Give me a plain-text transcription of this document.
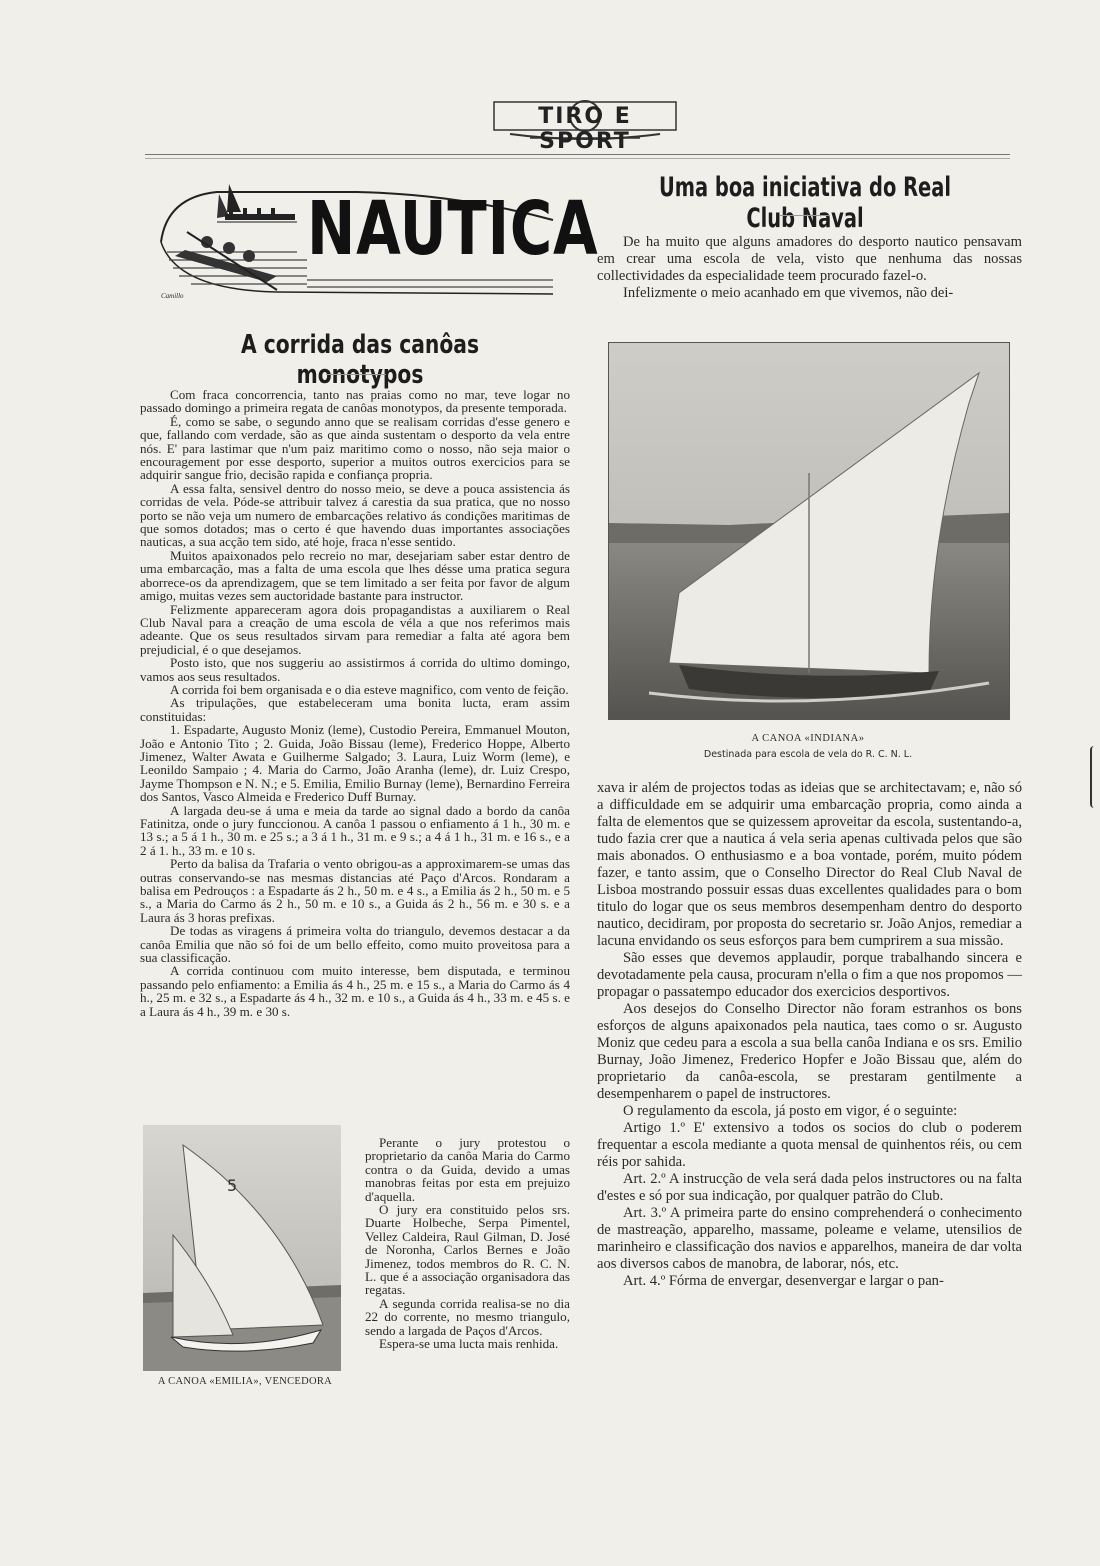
TIRO E SPORT
NAUTICA
Camillo
A corrida das canôas monotypos

Com fraca concorrencia, tanto nas praias como no mar, teve logar no passado domingo a primeira regata de canôas monotypos, da presente temporada.

É, como se sabe, o segundo anno que se realisam corridas d'esse genero e que, fallando com verdade, são as que ainda sustentam o desporto da vela entre nós. E' para lastimar que n'um paiz maritimo como o nosso, não seja maior o encouragement por esse desporto, superior a muitos outros exercicios para se adquirir sangue frio, decisão rapida e confiança propria.

A essa falta, sensivel dentro do nosso meio, se deve a pouca assistencia ás corridas de vela. Póde-se attribuir talvez á carestia da sua pratica, que no nosso porto se não veja um numero de embarcações relativo ás condições maritimas de que somos dotados; mas o certo é que havendo duas importantes associações nauticas, a sua acção tem sido, até hoje, fraca n'esse sentido.

Muitos apaixonados pelo recreio no mar, desejariam saber estar dentro de uma embarcação, mas a falta de uma escola que lhes désse uma pratica segura aborrece-os da aprendizagem, que se tem limitado a ser feita por favor de algum amigo, muitas vezes sem auctoridade bastante para instructor.

Felizmente appareceram agora dois propagandistas a auxiliarem o Real Club Naval para a creação de uma escola de véla a que nos referimos mais adeante. Que os seus resultados sirvam para remediar a falta até agora bem prejudicial, é o que desejamos.

Posto isto, que nos suggeriu ao assistirmos á corrida do ultimo domingo, vamos aos seus resultados.

A corrida foi bem organisada e o dia esteve magnifico, com vento de feição.

As tripulações, que estabeleceram uma bonita lucta, eram assim constituidas:

1. Espadarte, Augusto Moniz (leme), Custodio Pereira, Emmanuel Mouton, João e Antonio Tito ; 2. Guida, João Bissau (leme), Frederico Hoppe, Alberto Jimenez, Walter Awata e Guilherme Salgado; 3. Laura, Luiz Worm (leme), e Leonildo Sampaio ; 4. Maria do Carmo, João Aranha (leme), dr. Luiz Crespo, Jayme Thompson e N. N.; e 5. Emilia, Emilio Burnay (leme), Bernardino Ferreira dos Santos, Vasco Almeida e Frederico Duff Burnay.

A largada deu-se á uma e meia da tarde ao signal dado a bordo da canôa Fatinitza, onde o jury funccionou. A canôa 1 passou o enfiamento á 1 h., 30 m. e 13 s.; a 5 á 1 h., 30 m. e 25 s.; a 3 á 1 h., 31 m. e 9 s.; a 4 á 1 h., 31 m. e 16 s., e a 2 á 1. h., 33 m. e 10 s.

Perto da balisa da Trafaria o vento obrigou-as a approximarem-se umas das outras conservando-se nas mesmas distancias até Paço d'Arcos. Rondaram a balisa em Pedrouços : a Espadarte ás 2 h., 50 m. e 4 s., a Emilia ás 2 h., 50 m. e 5 s., a Maria do Carmo ás 2 h., 50 m. e 10 s., a Guida ás 2 h., 56 m. e 30 s. e a Laura ás 3 horas prefixas.

De todas as viragens á primeira volta do triangulo, devemos destacar a da canôa Emilia que não só foi de um bello effeito, como muito proveitosa para a sua classificação.

A corrida continuou com muito interesse, bem disputada, e terminou passando pelo enfiamento: a Emilia ás 4 h., 25 m. e 15 s., a Maria do Carmo ás 4 h., 25 m. e 32 s., a Espadarte ás 4 h., 32 m. e 10 s., a Guida ás 4 h., 33 m. e 45 s. e a Laura ás 4 h., 39 m. e 30 s.

5
A CANOA «EMILIA», VENCEDORA

Perante o jury protestou o proprietario da canôa Maria do Carmo contra o da Guida, devido a umas manobras feitas por esta em prejuizo d'aquella.

O jury era constituido pelos srs. Duarte Holbeche, Serpa Pimentel, Vellez Caldeira, Raul Gilman, D. José de Noronha, Carlos Bernes e João Jimenez, todos membros do R. C. N. L. que é a associação organisadora das regatas.

A segunda corrida realisa-se no dia 22 do corrente, no mesmo triangulo, sendo a largada de Paços d'Arcos.

Espera-se uma lucta mais renhida.

Uma boa iniciativa do Real Club Naval

De ha muito que alguns amadores do desporto nautico pensavam em crear uma escola de vela, visto que nenhuma das nossas collectividades da especialidade teem procurado fazel-o.

Infelizmente o meio acanhado em que vivemos, não dei-

A CANOA «INDIANA»
Destinada para escola de vela do R. C. N. L.

xava ir além de projectos todas as ideias que se architectavam; e, não só a difficuldade em se adquirir uma embarcação propria, como ainda a falta de elementos que se quizessem aproveitar da escola, sustentando-a, tudo fazia crer que a nautica á vela seria apenas cultivada pelos que são mais abonados. O enthusiasmo e a boa vontade, porém, muito pódem fazer, e tanto assim, que o Conselho Director do Real Club Naval de Lisboa mostrando possuir essas duas excellentes qualidades para o bom titulo do logar que os seus membros desempenham dentro do desporto nautico, decidiram, por proposta do secretario sr. João Anjos, remediar a lacuna envidando os seus esforços para bem cumprirem a sua missão.

São esses que devemos applaudir, porque trabalhando sincera e devotadamente pela causa, procuram n'ella o fim a que nos propomos — propagar o passatempo educador dos exercicios desportivos.

Aos desejos do Conselho Director não foram estranhos os bons esforços de alguns apaixonados pela nautica, taes como o sr. Augusto Moniz que cedeu para a escola a sua bella canôa Indiana e os srs. Emilio Burnay, João Jimenez, Frederico Hopfer e João Bissau que, além do proprietario da canôa-escola, se prestaram gentilmente a desempenharem o papel de instructores.

O regulamento da escola, já posto em vigor, é o seguinte:

Artigo 1.º E' extensivo a todos os socios do club o poderem frequentar a escola mediante a quota mensal de quinhentos réis, ou cem réis por sahida.

Art. 2.º A instrucção de vela será dada pelos instructores ou na falta d'estes e só por sua indicação, por qualquer patrão do Club.

Art. 3.º A primeira parte do ensino comprehenderá o conhecimento de mastreação, apparelho, massame, poleame e velame, utensilios de marinheiro e classificação dos navios e apparelhos, maneira de dar volta aos diversos cabos de manobra, de laborar, nós, etc.

Art. 4.º Fórma de envergar, desenvergar e largar o pan-
